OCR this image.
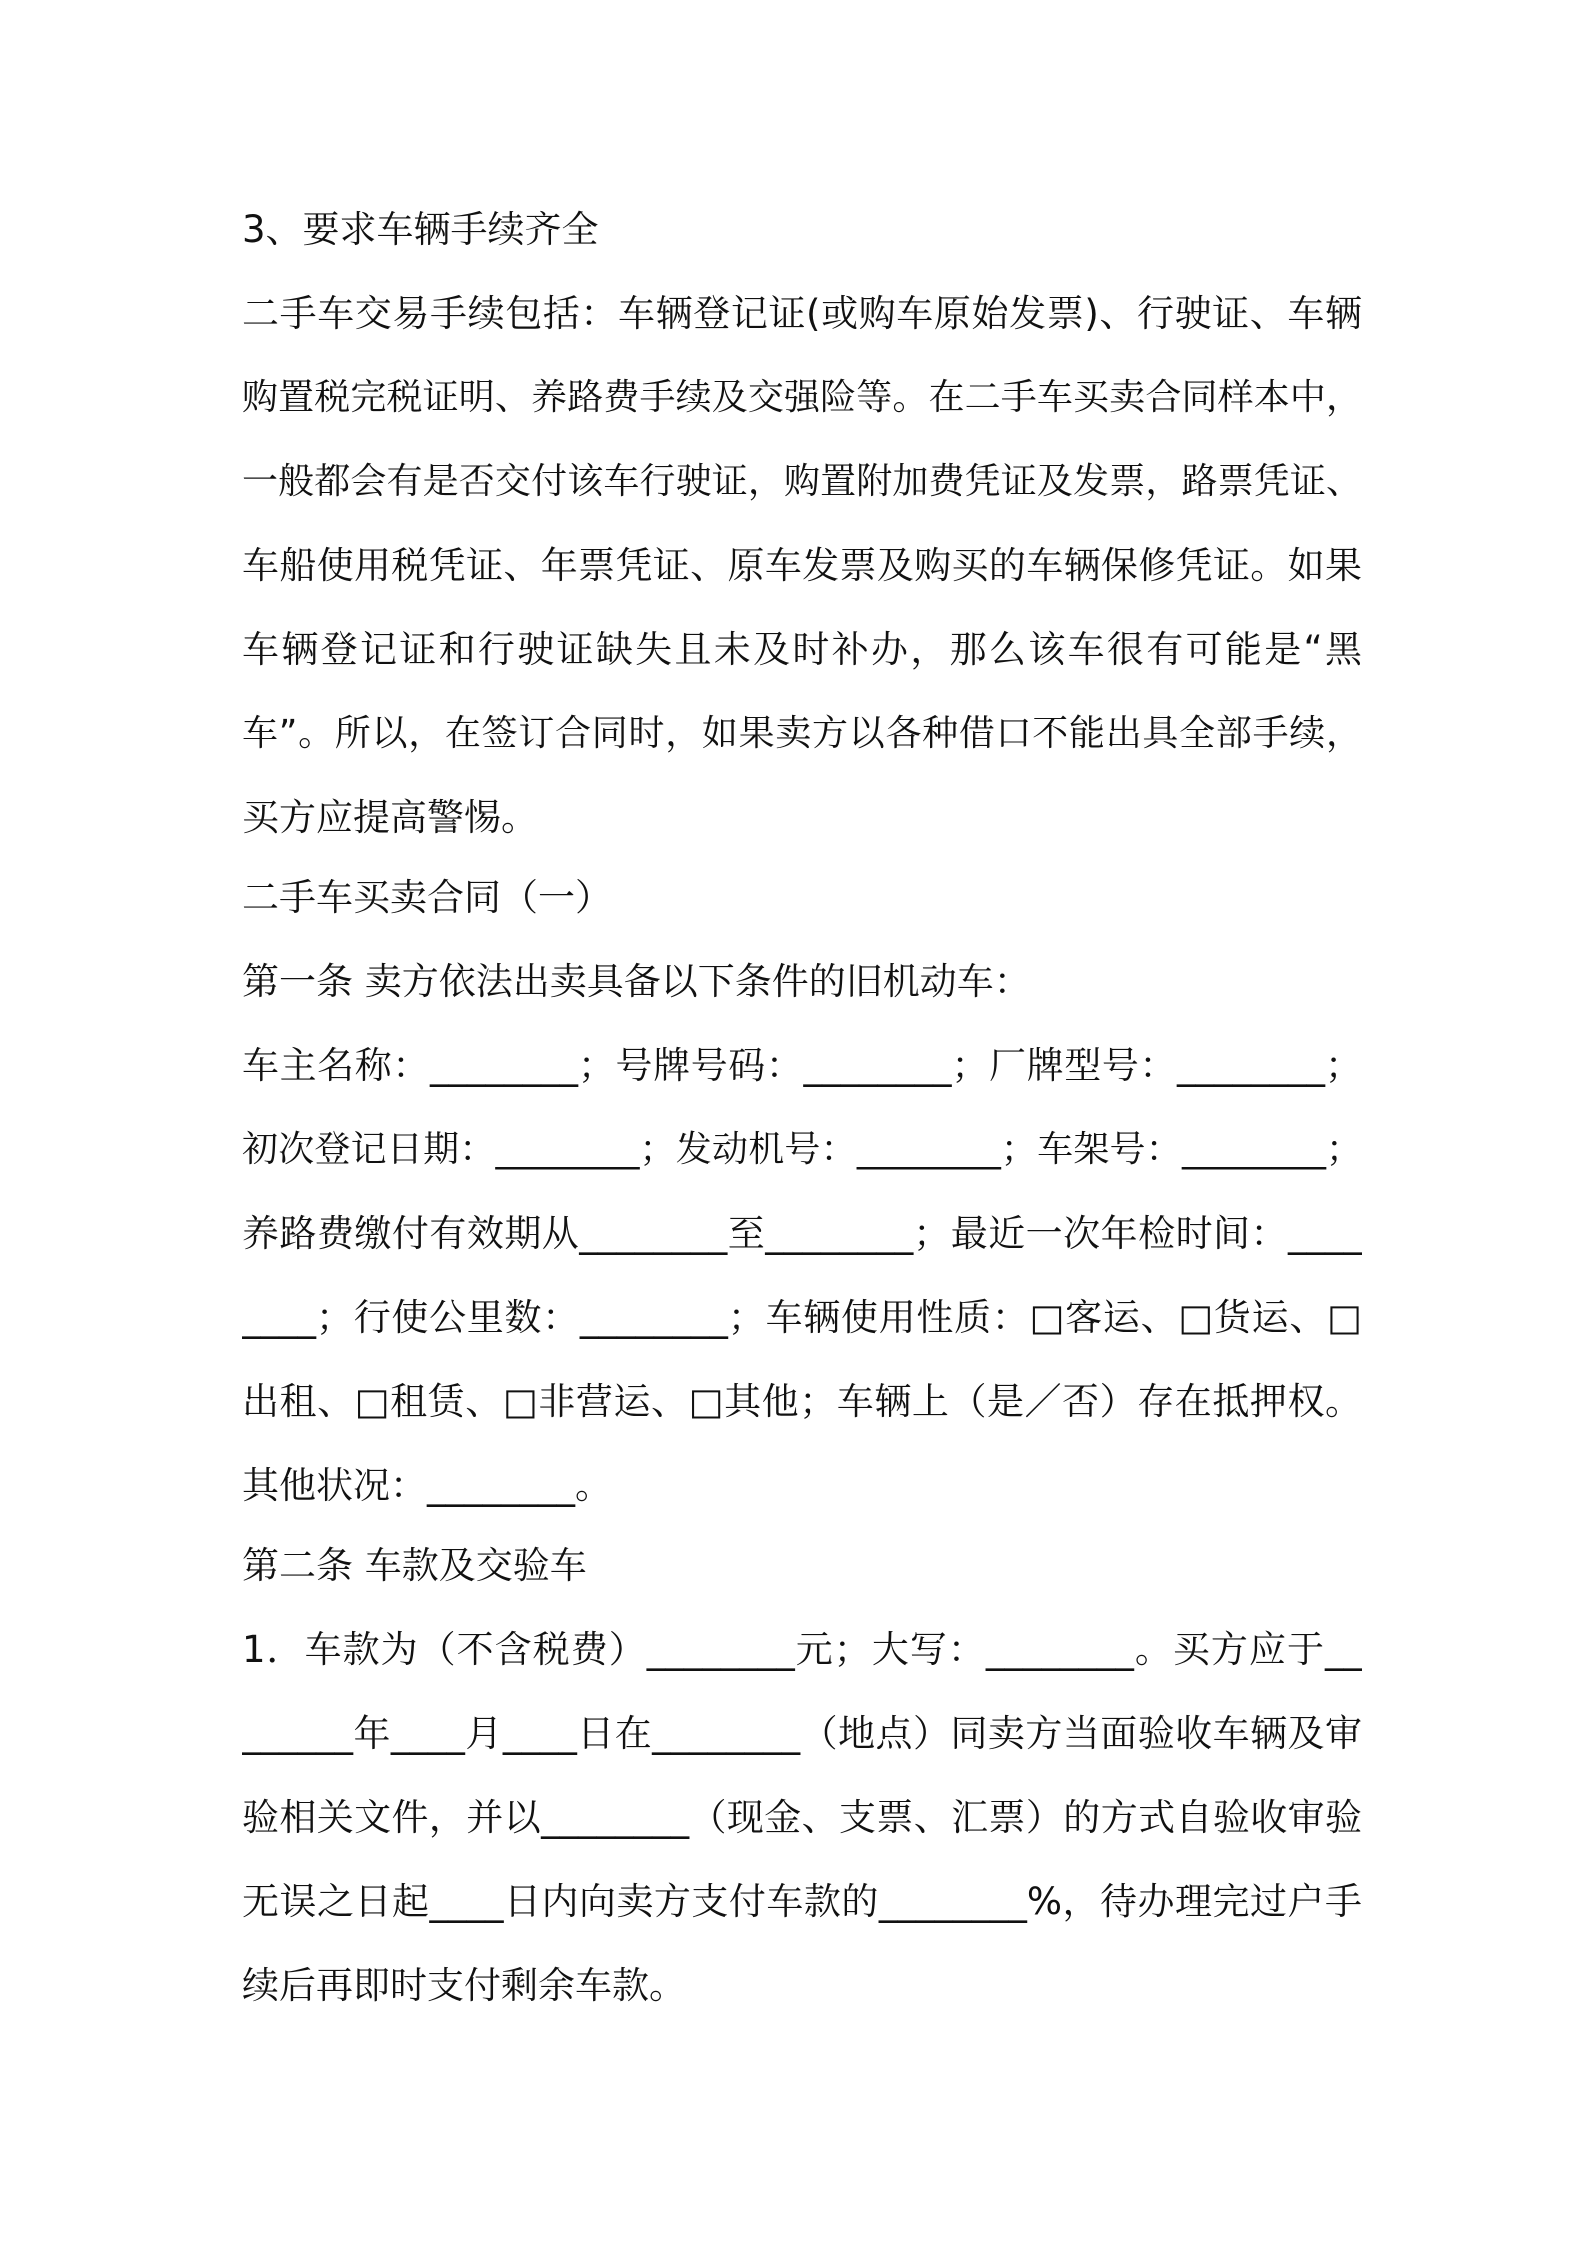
3、要求车辆手续齐全
二手车交易手续包括：车辆登记证(或购车原始发票)、行驶证、车辆
购置税完税证明、养路费手续及交强险等。在二手车买卖合同样本中，
一般都会有是否交付该车行驶证，购置附加费凭证及发票，路票凭证、
车船使用税凭证、年票凭证、原车发票及购买的车辆保修凭证。如果
车辆登记证和行驶证缺失且未及时补办，那么该车很有可能是“黑
车”。所以，在签订合同时，如果卖方以各种借口不能出具全部手续，
买方应提高警惕。
二手车买卖合同（一）
第一条 卖方依法出卖具备以下条件的旧机动车：
车主名称：________；号牌号码：________；厂牌型号：________；
初次登记日期：________；发动机号：________；车架号：________；
养路费缴付有效期从________至________；最近一次年检时间：____
____；行使公里数：________；车辆使用性质：□客运、□货运、□
出租、□租赁、□非营运、□其他；车辆上（是／否）存在抵押权。
其他状况：________。
第二条 车款及交验车
1．车款为（不含税费）________元；大写：________。买方应于__
______年____月____日在________（地点）同卖方当面验收车辆及审
验相关文件，并以________（现金、支票、汇票）的方式自验收审验
无误之日起____日内向卖方支付车款的________%，待办理完过户手
续后再即时支付剩余车款。
